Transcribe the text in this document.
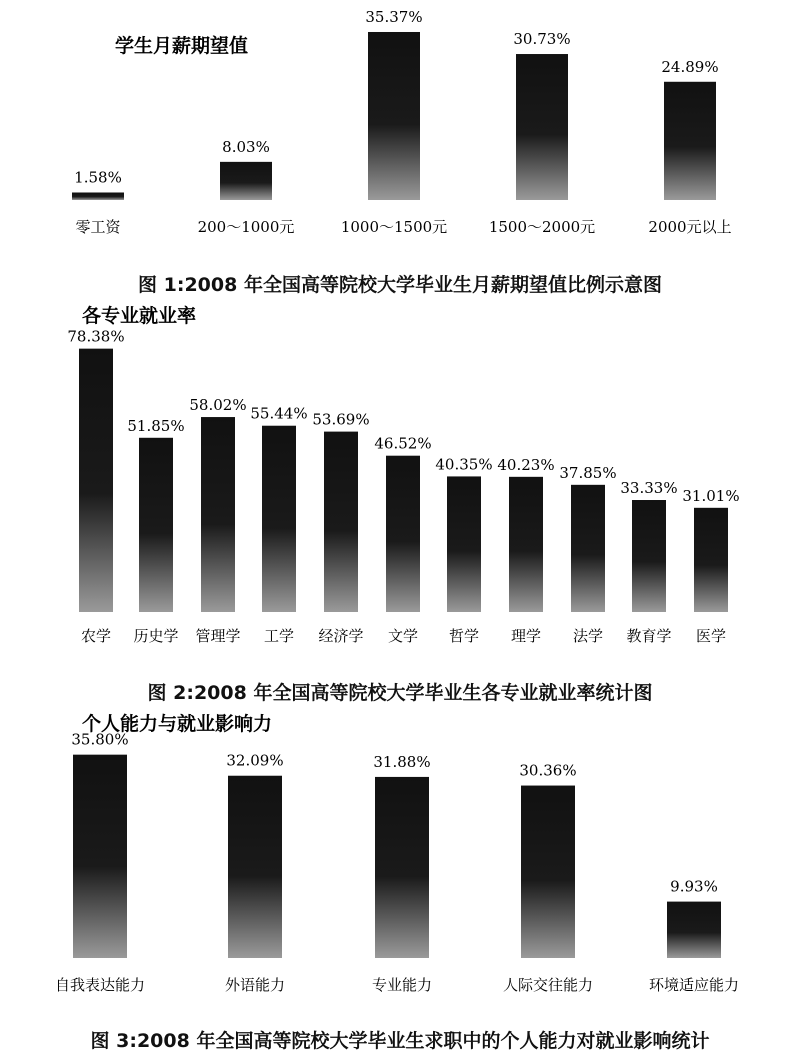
学生月薪期望值
1.58%
零工资
8.03%
200～1000元
35.37%
1000～1500元
30.73%
1500～2000元
24.89%
2000元以上
图 1:2008 年全国高等院校大学毕业生月薪期望值比例示意图
各专业就业率
78.38%
农学
51.85%
历史学
58.02%
管理学
55.44%
工学
53.69%
经济学
46.52%
文学
40.35%
哲学
40.23%
理学
37.85%
法学
33.33%
教育学
31.01%
医学
图 2:2008 年全国高等院校大学毕业生各专业就业率统计图
个人能力与就业影响力
35.80%
自我表达能力
32.09%
外语能力
31.88%
专业能力
30.36%
人际交往能力
9.93%
环境适应能力
图 3:2008 年全国高等院校大学毕业生求职中的个人能力对就业影响统计
